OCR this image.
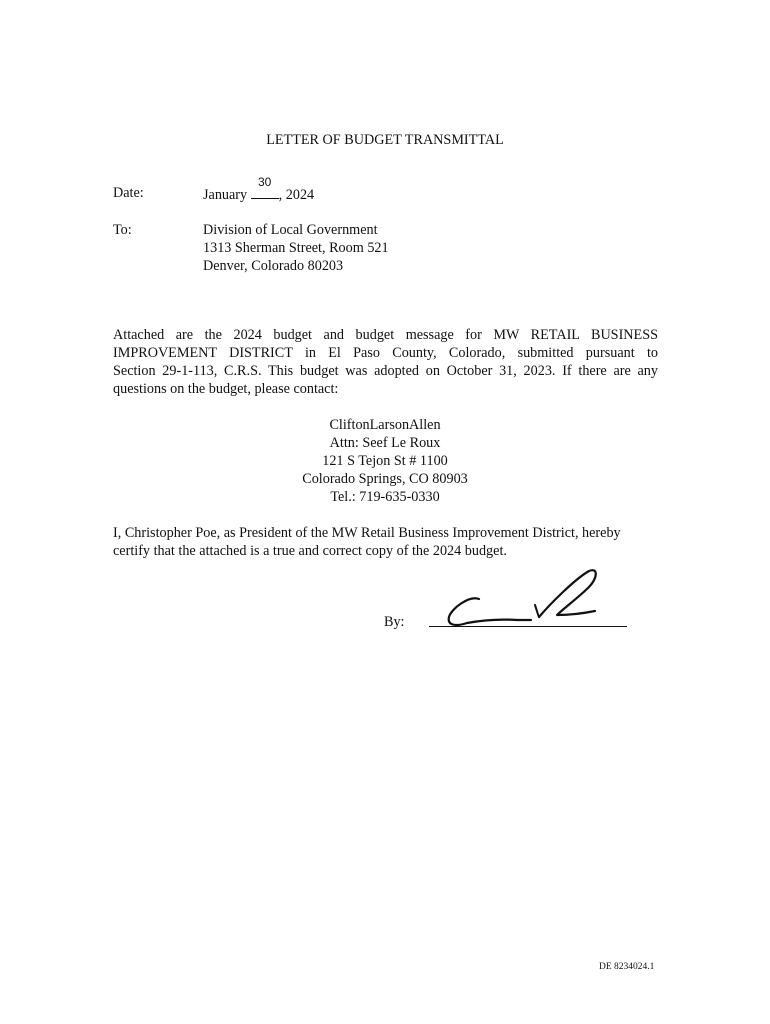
LETTER OF BUDGET TRANSMITTAL
Date:	January
30
, 2024
To:	Division of Local Government
1313 Sherman Street, Room 521
Denver, Colorado 80203

Attached are the 2024 budget and budget message for MW RETAIL BUSINESS

IMPROVEMENT DISTRICT in El Paso County, Colorado, submitted pursuant to

Section 29-1-113, C.R.S. This budget was adopted on October 31, 2023. If there are any

questions on the budget, please contact:

CliftonLarsonAllen
Attn: Seef Le Roux
121 S Tejon St # 1100
Colorado Springs, CO 80903
Tel.: 719-635-0330
I, Christopher Poe, as President of the MW Retail Business Improvement District, hereby
certify that the attached is a true and correct copy of the 2024 budget.
By:
DE 8234024.1
